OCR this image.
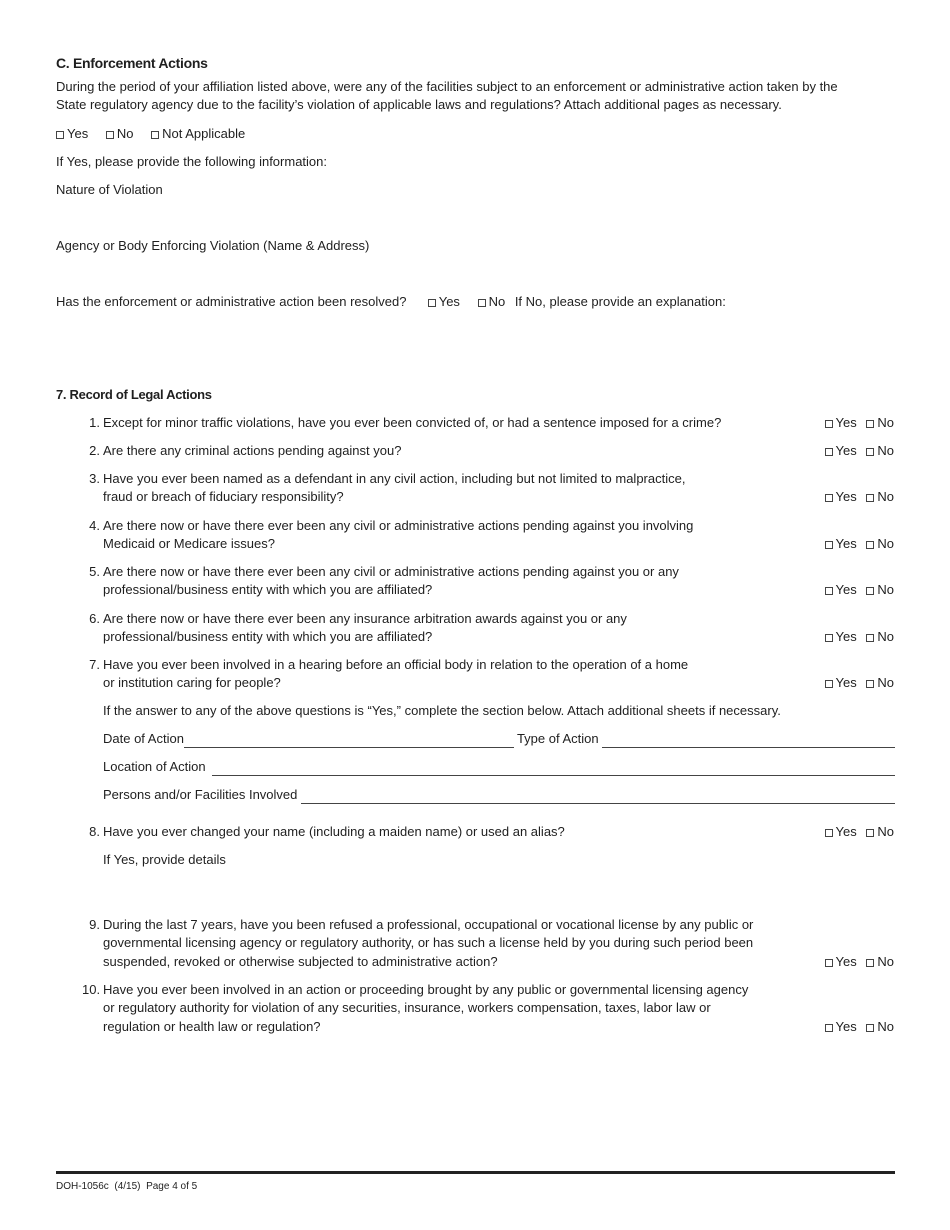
C. Enforcement Actions
During the period of your affiliation listed above, were any of the facilities subject to an enforcement or administrative action taken by the State regulatory agency due to the facility’s violation of applicable laws and regulations? Attach additional pages as necessary.
Yes No Not Applicable
If Yes, please provide the following information:
Nature of Violation
Agency or Body Enforcing Violation (Name & Address)
Has the enforcement or administrative action been resolved? Yes No If No, please provide an explanation:
7. Record of Legal Actions
1. Except for minor traffic violations, have you ever been convicted of, or had a sentence imposed for a crime?	Yes No
2. Are there any criminal actions pending against you?	Yes No
3. Have you ever been named as a defendant in any civil action, including but not limited to malpractice,
fraud or breach of fiduciary responsibility?	Yes No
4. Are there now or have there ever been any civil or administrative actions pending against you involving
Medicaid or Medicare issues?	Yes No
5. Are there now or have there ever been any civil or administrative actions pending against you or any
professional/business entity with which you are affiliated?	Yes No
6. Are there now or have there ever been any insurance arbitration awards against you or any
professional/business entity with which you are affiliated?	Yes No
7. Have you ever been involved in a hearing before an official body in relation to the operation of a home
or institution caring for people?	Yes No
If the answer to any of the above questions is “Yes,” complete the section below. Attach additional sheets if necessary.
Date of Action	Type of Action
Location of Action
Persons and/or Facilities Involved
8. Have you ever changed your name (including a maiden name) or used an alias?	Yes No
If Yes, provide details
9. During the last 7 years, have you been refused a professional, occupational or vocational license by any public or
governmental licensing agency or regulatory authority, or has such a license held by you during such period been
suspended, revoked or otherwise subjected to administrative action?	Yes No
10. Have you ever been involved in an action or proceeding brought by any public or governmental licensing agency
or regulatory authority for violation of any securities, insurance, workers compensation, taxes, labor law or
regulation or health law or regulation?	Yes No
DOH-1056c (4/15) Page 4 of 5
